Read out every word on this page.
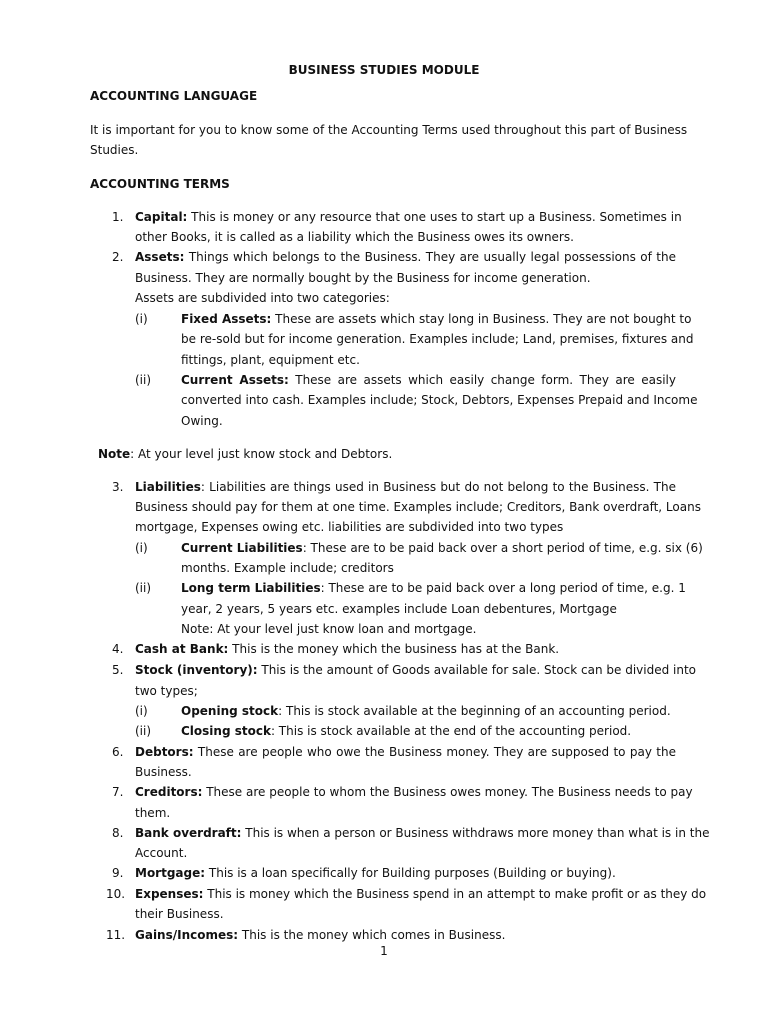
BUSINESS STUDIES MODULE
ACCOUNTING LANGUAGE
It is important for you to know some of the Accounting Terms used throughout this part of Business
Studies.
ACCOUNTING TERMS
1. Capital: This is money or any resource that one uses to start up a Business. Sometimes in
other Books, it is called as a liability which the Business owes its owners.
2. Assets: Things which belongs to the Business. They are usually legal possessions of the
Business. They are normally bought by the Business for income generation.
Assets are subdivided into two categories:
(i)	Fixed Assets: These are assets which stay long in Business. They are not bought to
be re-sold but for income generation. Examples include; Land, premises, fixtures and
fittings, plant, equipment etc.
(ii) Current Assets: These are assets which easily change form. They are easily
converted into cash. Examples include; Stock, Debtors, Expenses Prepaid and Income
Owing.
Note: At your level just know stock and Debtors.
3. Liabilities: Liabilities are things used in Business but do not belong to the Business. The
Business should pay for them at one time. Examples include; Creditors, Bank overdraft, Loans
mortgage, Expenses owing etc. liabilities are subdivided into two types
(i)	Current Liabilities: These are to be paid back over a short period of time, e.g. six (6)
months. Example include; creditors
(ii) Long term Liabilities: These are to be paid back over a long period of time, e.g. 1
year, 2 years, 5 years etc. examples include Loan debentures, Mortgage
Note: At your level just know loan and mortgage.
4. Cash at Bank: This is the money which the business has at the Bank.
5. Stock (inventory): This is the amount of Goods available for sale. Stock can be divided into
two types;
(i)	Opening stock: This is stock available at the beginning of an accounting period.
(ii) Closing stock: This is stock available at the end of the accounting period.
6. Debtors: These are people who owe the Business money. They are supposed to pay the
Business.
7. Creditors: These are people to whom the Business owes money. The Business needs to pay
them.
8. Bank overdraft: This is when a person or Business withdraws more money than what is in the
Account.
9. Mortgage: This is a loan specifically for Building purposes (Building or buying).
10. Expenses: This is money which the Business spend in an attempt to make profit or as they do
their Business.
11. Gains/Incomes: This is the money which comes in Business.
1
